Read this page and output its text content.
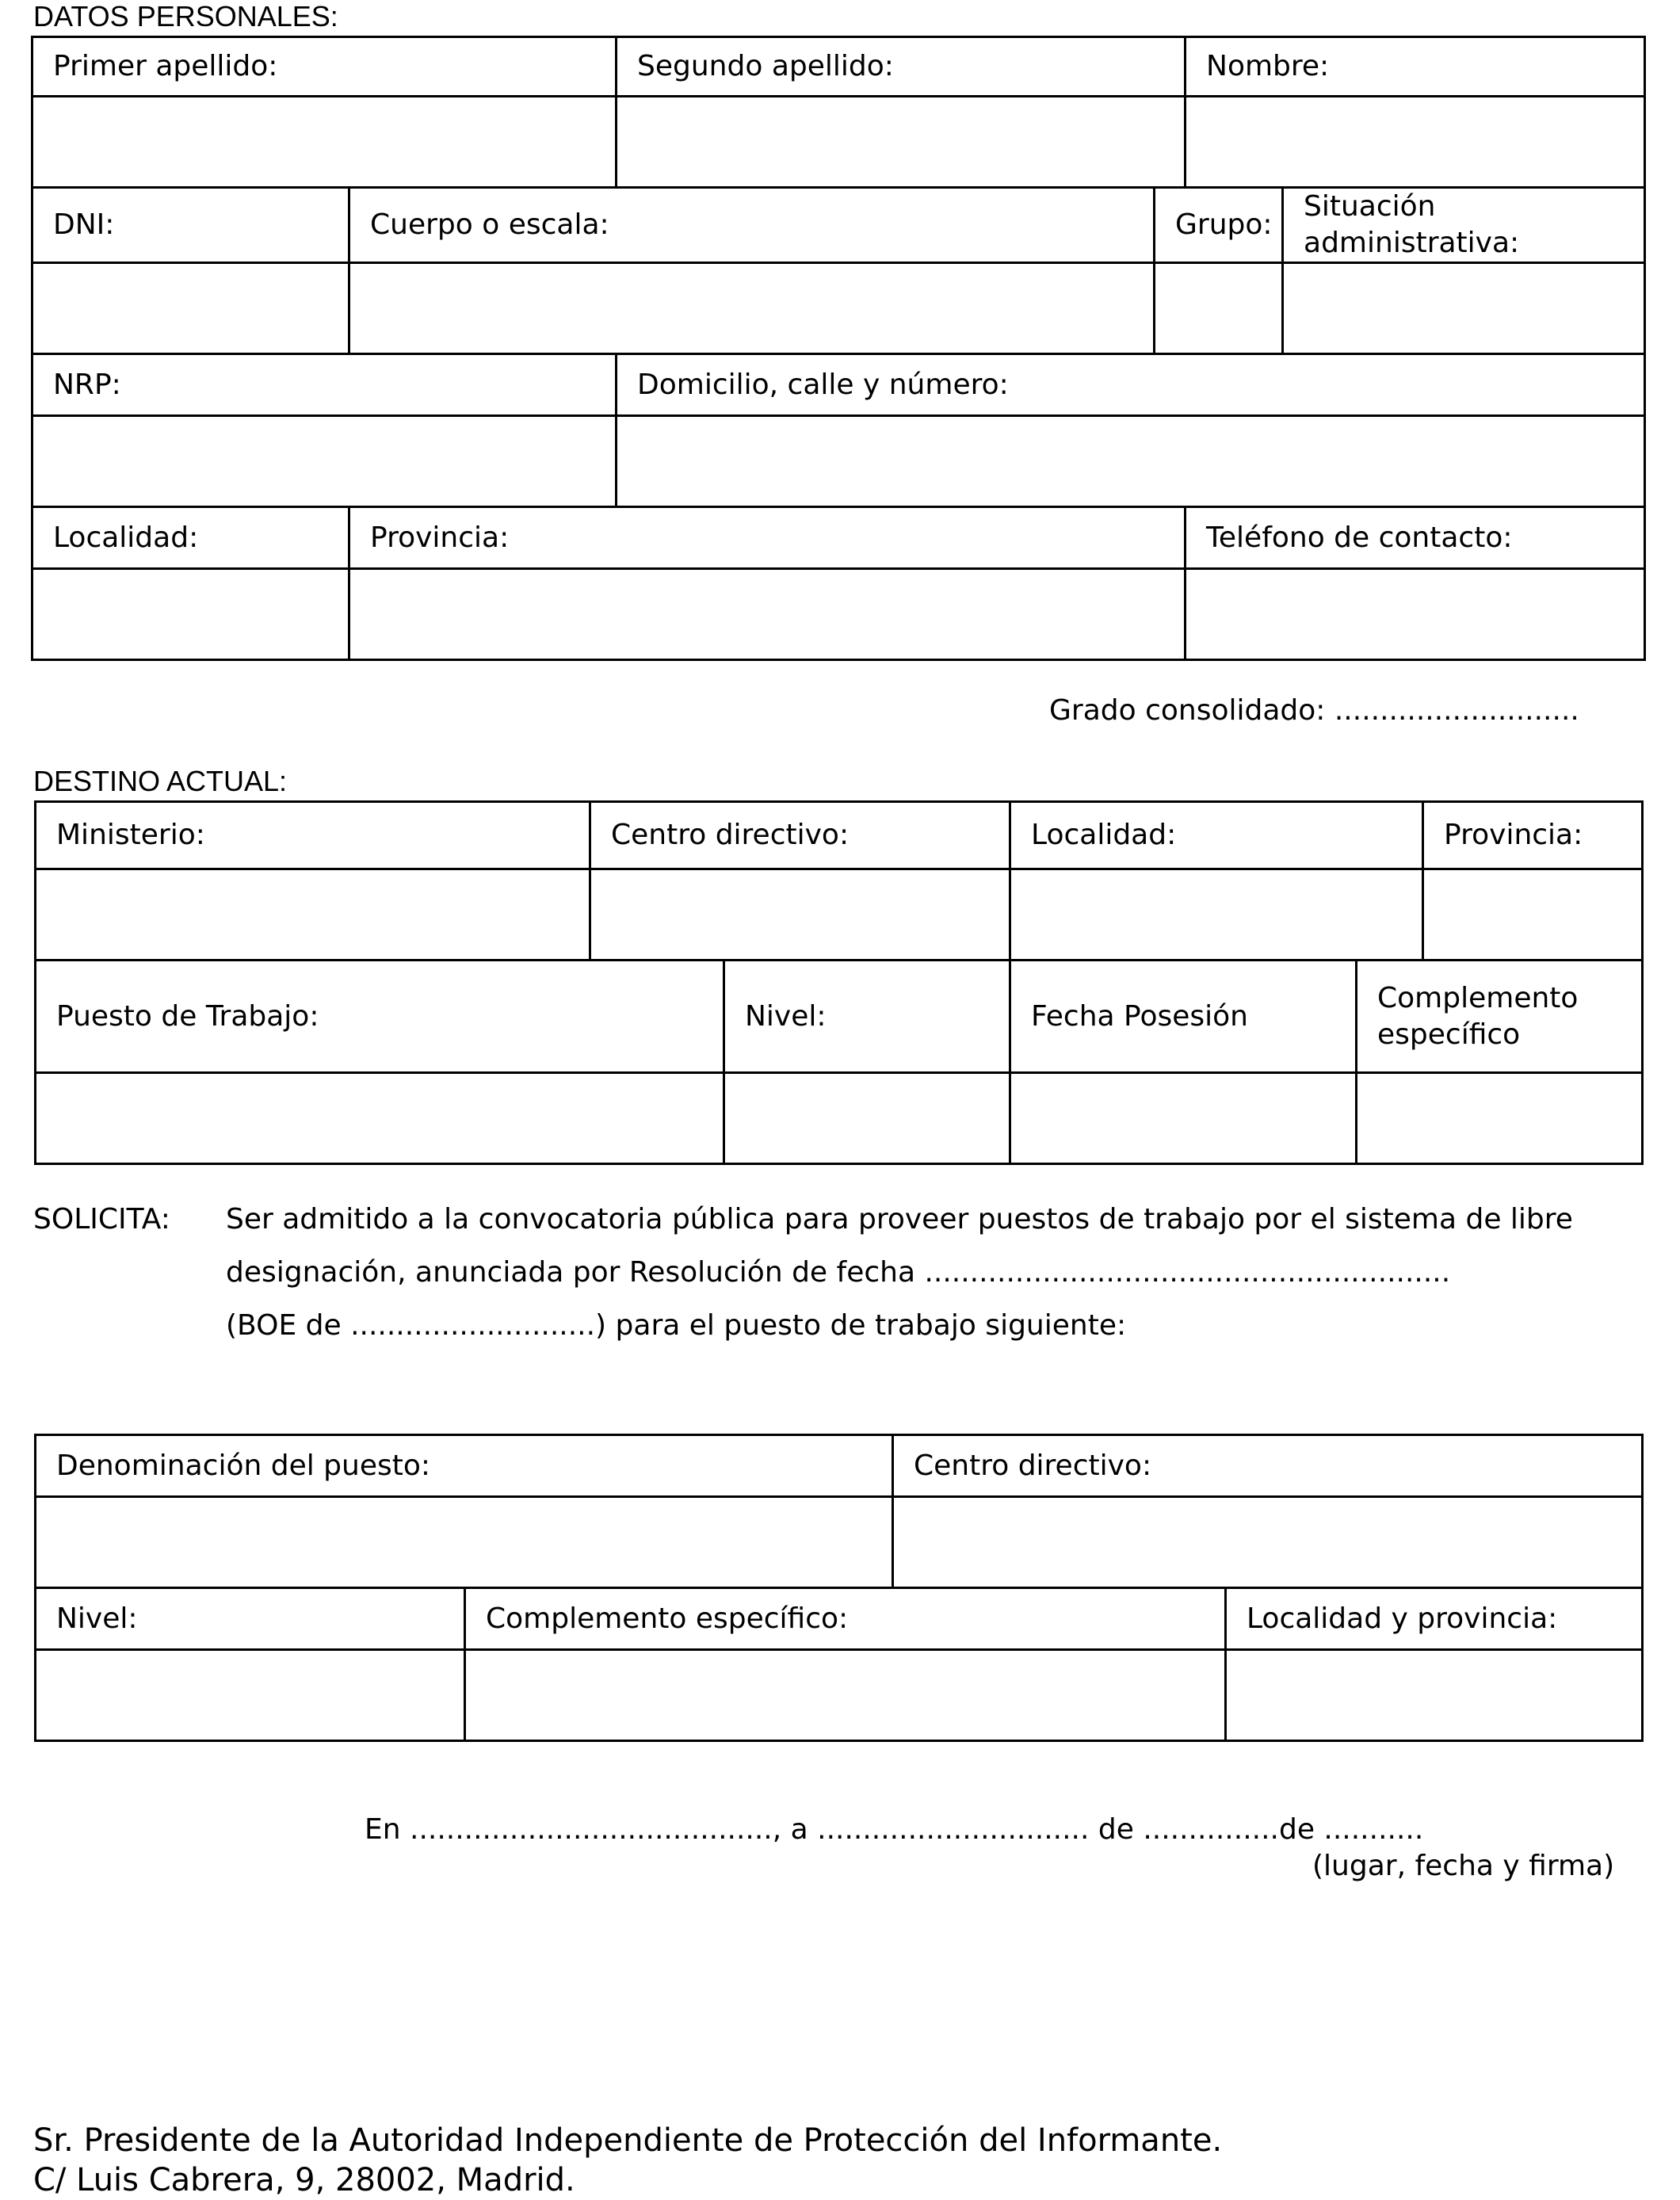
DATOS PERSONALES:
Primer apellido:		Segundo apellido:		Nombre:	

DNI:	Cuerpo o escala:		Grupo:		Situación administrativa:

NRP:		Domicilio, calle y número:			

Localidad:	Provincia:			Teléfono de contacto:	

Grado consolidado: ...........................
DESTINO ACTUAL:
Ministerio:	Centro directivo:		Localidad:		Provincia:

Puesto de Trabajo:		Nivel:	Fecha Posesión	Complemento específico	

SOLICITA: Ser admitido a la convocatoria pública para proveer puestos de trabajo por el sistema de libre
designación, anunciada por Resolución de fecha ..........................................................
(BOE de ...........................) para el puesto de trabajo siguiente:
Denominación del puesto:		Centro directivo:	

Nivel:	Complemento específico:		Localidad y provincia:

En ........................................, a .............................. de ...............de ...........
(lugar, fecha y firma)
Sr. Presidente de la Autoridad Independiente de Protección del Informante.
C/ Luis Cabrera, 9, 28002, Madrid.
